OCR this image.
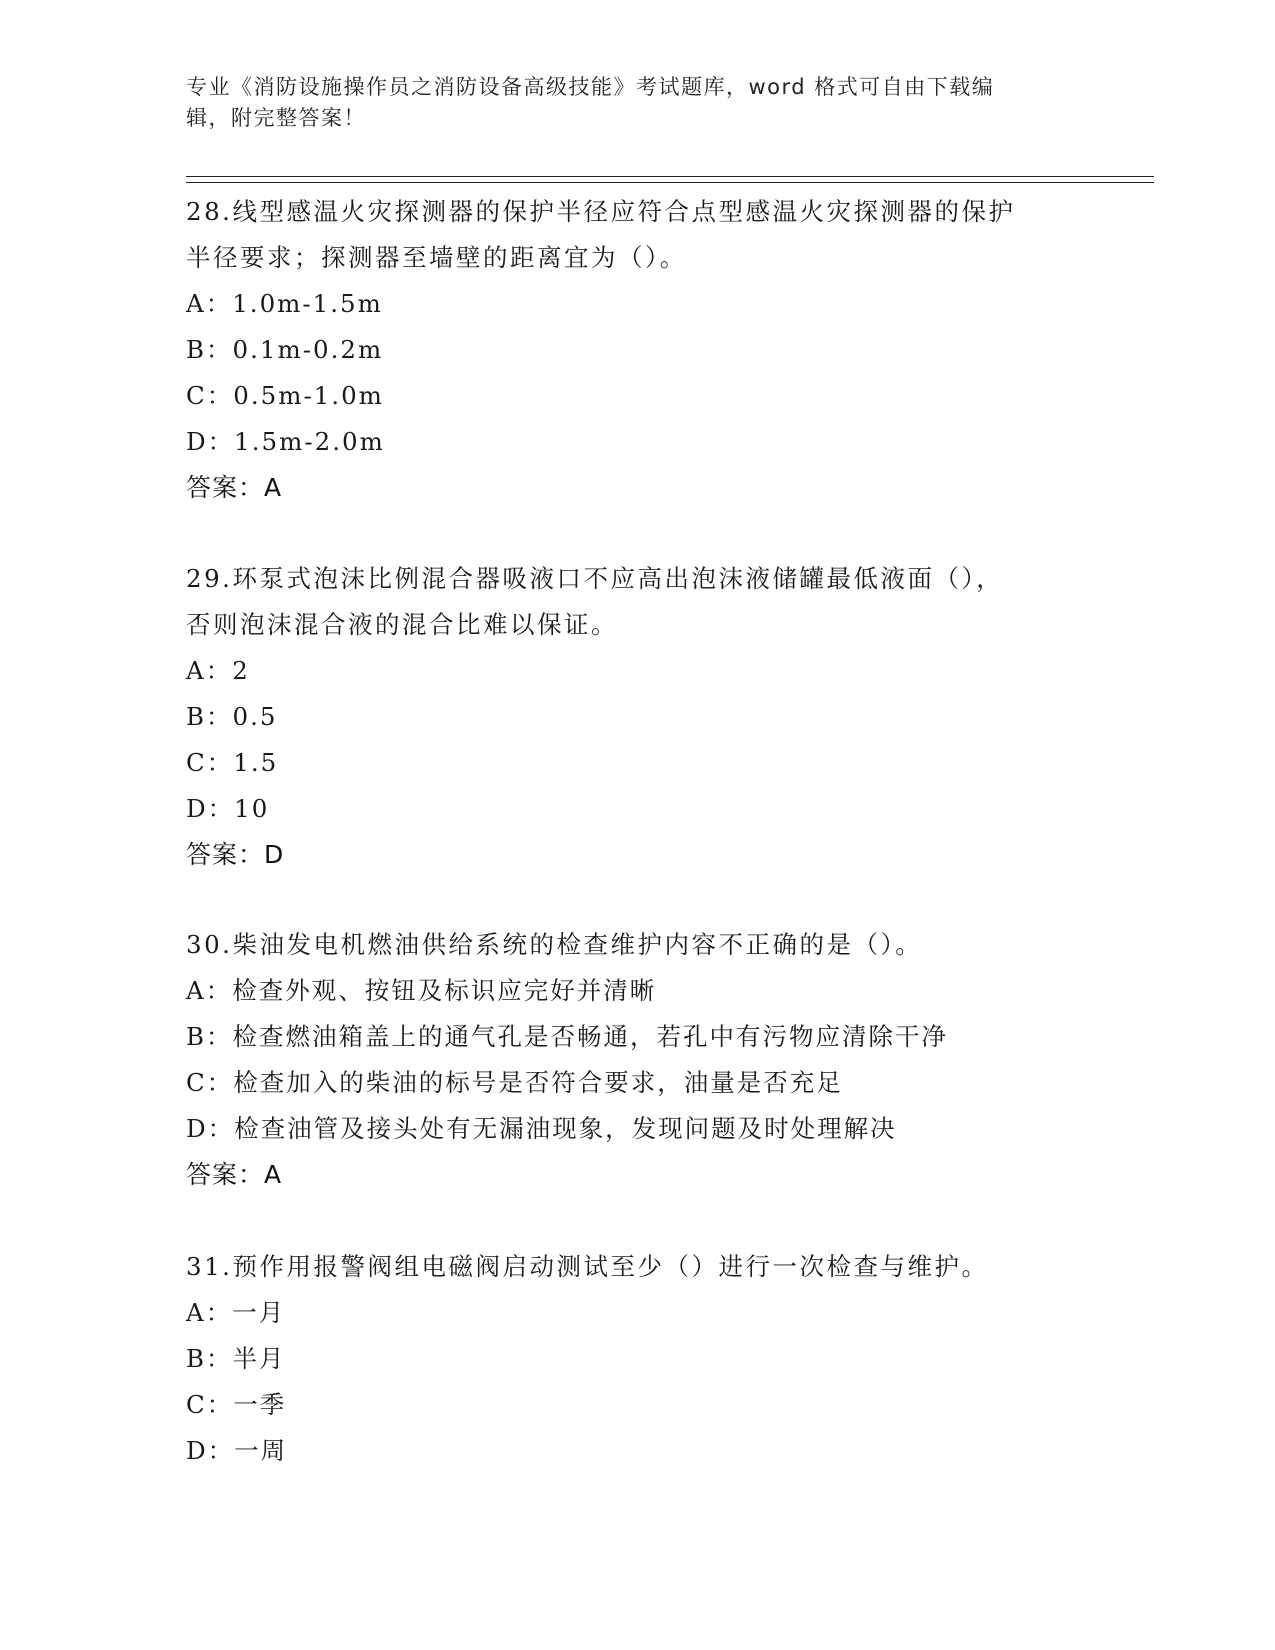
专业《消防设施操作员之消防设备高级技能》考试题库，word 格式可自由下载编
辑，附完整答案！

28.线型感温火灾探测器的保护半径应符合点型感温火灾探测器的保护

半径要求；探测器至墙壁的距离宜为（）。

A：1.0m-1.5m

B：0.1m-0.2m

C：0.5m-1.0m

D：1.5m-2.0m

答案：A

29.环泵式泡沫比例混合器吸液口不应高出泡沫液储罐最低液面（），

否则泡沫混合液的混合比难以保证。

A：2

B：0.5

C：1.5

D：10

答案：D

30.柴油发电机燃油供给系统的检查维护内容不正确的是（）。

A：检查外观、按钮及标识应完好并清晰

B：检查燃油箱盖上的通气孔是否畅通，若孔中有污物应清除干净

C：检查加入的柴油的标号是否符合要求，油量是否充足

D：检查油管及接头处有无漏油现象，发现问题及时处理解决

答案：A

31.预作用报警阀组电磁阀启动测试至少（）进行一次检查与维护。

A：一月

B：半月

C：一季

D：一周
